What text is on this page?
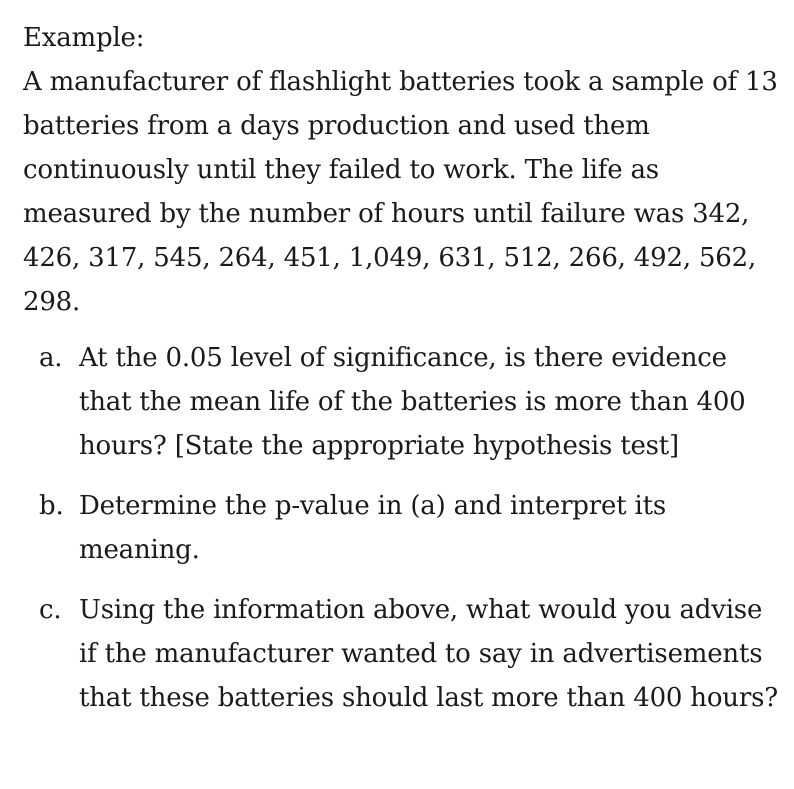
Example:

A manufacturer of flashlight batteries took a sample of 13 batteries from a days production and used them continuously until they failed to work. The life as measured by the number of hours until failure was 342, 426, 317, 545, 264, 451, 1,049, 631, 512, 266, 492, 562, 298.

a. At the 0.05 level of significance, is there evidence that the mean life of the batteries is more than 400 hours? [State the appropriate hypothesis test]
b. Determine the p-value in (a) and interpret its meaning.
c. Using the information above, what would you advise if the manufacturer wanted to say in advertisements that these batteries should last more than 400 hours?
